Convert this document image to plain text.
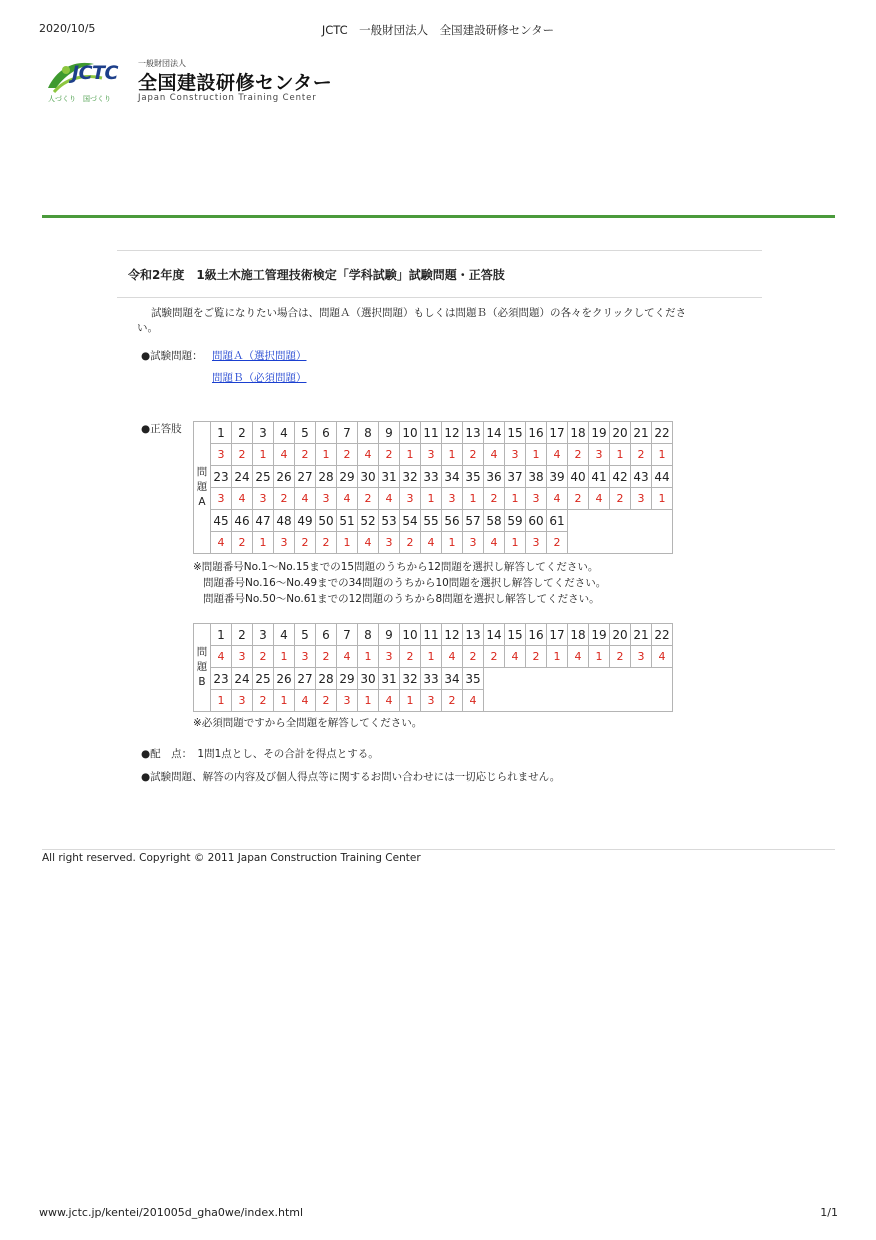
2020/10/5	JCTC　一般財団法人　全国建設研修センター
JCTC
人づくり　国づくり
一般財団法人
全国建設研修センター
Japan Construction Training Center
令和2年度　1級土木施工管理技術検定「学科試験」試験問題・正答肢
試験問題をご覧になりたい場合は、問題Ａ（選択問題）もしくは問題Ｂ（必須問題）の各々をクリックしてください。
●試験問題： 問題Ａ（選択問題）
問題Ｂ（必須問題）
●正答肢
問
題
A	1	2	3	4	5	6	7	8	9	10	11	12	13	14	15	16	17	18	19	20	21	22
	3	2	1	4	2	1	2	4	2	1	3	1	2	4	3	1	4	2	3	1	2	1
	23	24	25	26	27	28	29	30	31	32	33	34	35	36	37	38	39	40	41	42	43	44
	3	4	3	2	4	3	4	2	4	3	1	3	1	2	1	3	4	2	4	2	3	1
	45	46	47	48	49	50	51	52	53	54	55	56	57	58	59	60	61					
	4	2	1	3	2	2	1	4	3	2	4	1	3	4	1	3	2					
※問題番号No.1～No.15までの15問題のうちから12問題を選択し解答してください。
問題番号No.16～No.49までの34問題のうちから10問題を選択し解答してください。
問題番号No.50～No.61までの12問題のうちから8問題を選択し解答してください。
問
題
B	1	2	3	4	5	6	7	8	9	10	11	12	13	14	15	16	17	18	19	20	21	22
	4	3	2	1	3	2	4	1	3	2	1	4	2	2	4	2	1	4	1	2	3	4
	23	24	25	26	27	28	29	30	31	32	33	34	35									
	1	3	2	1	4	2	3	1	4	1	3	2	4									
※必須問題ですから全問題を解答してください。
●配　点：　1問1点とし、その合計を得点とする。
●試験問題、解答の内容及び個人得点等に関するお問い合わせには一切応じられません。
All right reserved. Copyright © 2011 Japan Construction Training Center
www.jctc.jp/kentei/201005d_gha0we/index.html	1/1
